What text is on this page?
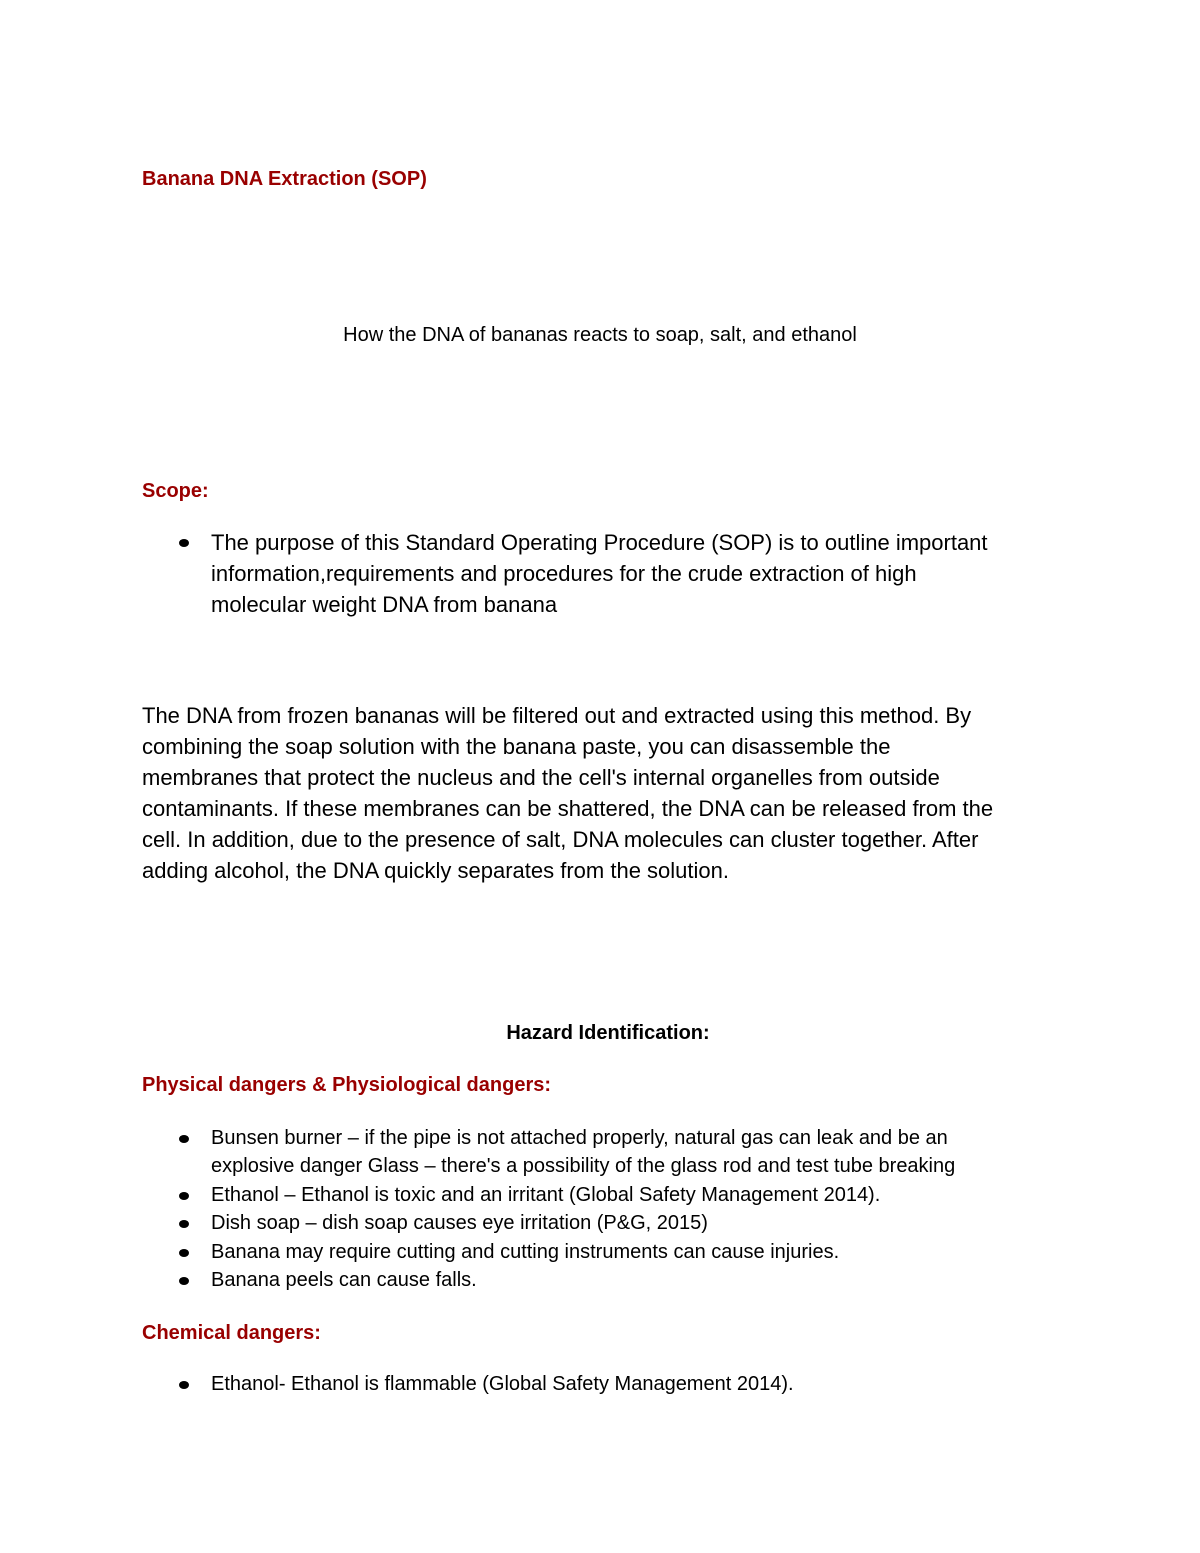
Banana DNA Extraction (SOP)
How the DNA of bananas reacts to soap, salt, and ethanol
Scope:
The purpose of this Standard Operating Procedure (SOP) is to outline important
information,requirements and procedures for the crude extraction of high
molecular weight DNA from banana
The DNA from frozen bananas will be filtered out and extracted using this method. By
combining the soap solution with the banana paste, you can disassemble the
membranes that protect the nucleus and the cell's internal organelles from outside
contaminants. If these membranes can be shattered, the DNA can be released from the
cell. In addition, due to the presence of salt, DNA molecules can cluster together. After
adding alcohol, the DNA quickly separates from the solution.
Hazard Identification:
Physical dangers & Physiological dangers:
Bunsen burner – if the pipe is not attached properly, natural gas can leak and be an
explosive danger Glass – there's a possibility of the glass rod and test tube breaking
Ethanol – Ethanol is toxic and an irritant (Global Safety Management 2014).
Dish soap – dish soap causes eye irritation (P&G, 2015)
Banana may require cutting and cutting instruments can cause injuries.
Banana peels can cause falls.
Chemical dangers:
Ethanol- Ethanol is flammable (Global Safety Management 2014).
